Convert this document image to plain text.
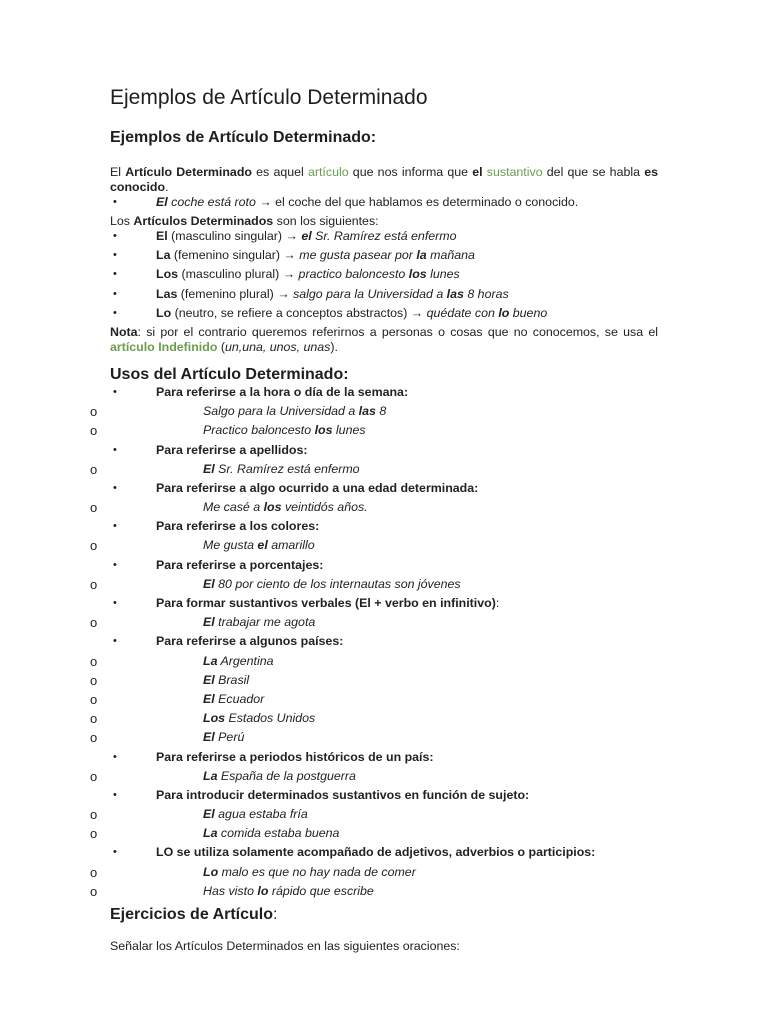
Ejemplos de Artículo Determinado
Ejemplos de Artículo Determinado:

El Artículo Determinado es aquel artículo que nos informa que el sustantivo del que se habla es conocido.

•	El coche está roto → el coche del que hablamos es determinado o conocido.

Los Artículos Determinados son los siguientes:

•	El (masculino singular) → el Sr. Ramírez está enfermo
•	La (femenino singular) → me gusta pasear por la mañana
•	Los (masculino plural) → practico baloncesto los lunes
•	Las (femenino plural) → salgo para la Universidad a las 8 horas
•	Lo (neutro, se refiere a conceptos abstractos) → quédate con lo bueno

Nota: si por el contrario queremos referirnos a personas o cosas que no conocemos, se usa el artículo Indefinido (un,una, unos, unas).

Usos del Artículo Determinado:
•	Para referirse a la hora o día de la semana:
o	Salgo para la Universidad a las 8
o	Practico baloncesto los lunes
•	Para referirse a apellidos:
o	El Sr. Ramírez está enfermo
•	Para referirse a algo ocurrido a una edad determinada:
o	Me casé a los veintidós años.
•	Para referirse a los colores:
o	Me gusta el amarillo
•	Para referirse a porcentajes:
o	El 80 por ciento de los internautas son jóvenes
•	Para formar sustantivos verbales (El + verbo en infinitivo):
o	El trabajar me agota
•	Para referirse a algunos países:
o	La Argentina
o	El Brasil
o	El Ecuador
o	Los Estados Unidos
o	El Perú
•	Para referirse a periodos históricos de un país:
o	La España de la postguerra
•	Para introducir determinados sustantivos en función de sujeto:
o	El agua estaba fría
o	La comida estaba buena
•	LO se utiliza solamente acompañado de adjetivos, adverbios o participios:
o	Lo malo es que no hay nada de comer
o	Has visto lo rápido que escribe
Ejercicios de Artículo:

Señalar los Artículos Determinados en las siguientes oraciones:
